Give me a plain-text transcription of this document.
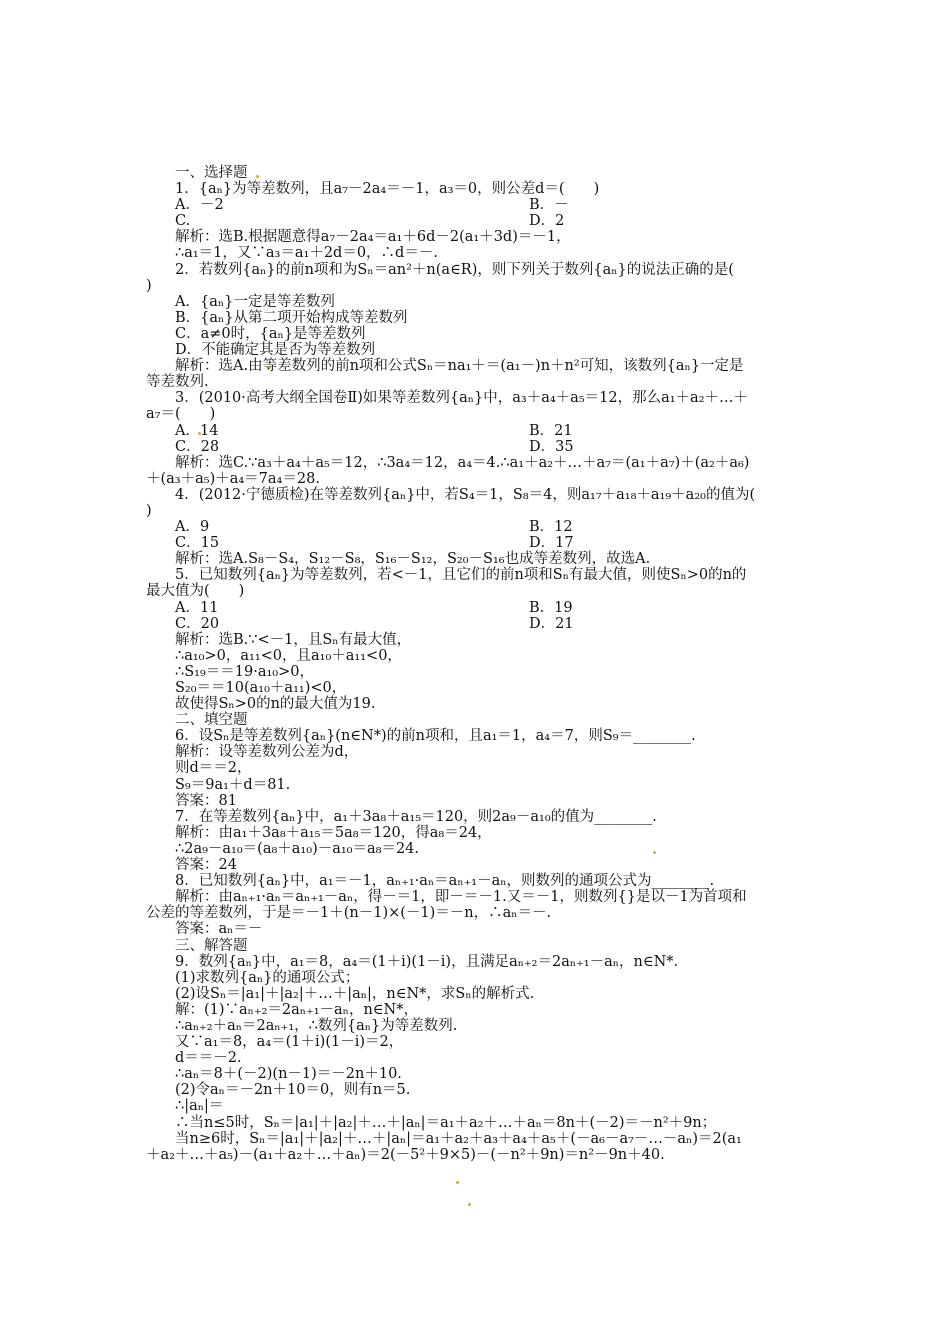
一、选择题
1．{aₙ}为等差数列，且a₇－2a₄＝－1，a₃＝0，则公差d＝(　　)
A．－2	B．－
C.	D．2
解析：选B.根据题意得a₇－2a₄＝a₁＋6d－2(a₁＋3d)＝－1，
∴a₁＝1，又∵a₃＝a₁＋2d＝0，∴d＝－.
2．若数列{aₙ}的前n项和为Sₙ＝an²＋n(a∈R)，则下列关于数列{aₙ}的说法正确的是(
)
A．{aₙ}一定是等差数列
B．{aₙ}从第二项开始构成等差数列
C．a≠0时，{aₙ}是等差数列
D．不能确定其是否为等差数列
解析：选A.由等差数列的前n项和公式Sₙ＝na₁＋＝(a₁－)n＋n²可知，该数列{aₙ}一定是
等差数列.
3．(2010·高考大纲全国卷Ⅱ)如果等差数列{aₙ}中，a₃＋a₄＋a₅＝12，那么a₁＋a₂＋…＋
a₇＝(　　)
A．14	B．21
C．28	D．35
解析：选C.∵a₃＋a₄＋a₅＝12，∴3a₄＝12，a₄＝4.∴a₁＋a₂＋…＋a₇＝(a₁＋a₇)＋(a₂＋a₆)
＋(a₃＋a₅)＋a₄＝7a₄＝28.
4．(2012·宁德质检)在等差数列{aₙ}中，若S₄＝1，S₈＝4，则a₁₇＋a₁₈＋a₁₉＋a₂₀的值为(
)
A．9	B．12
C．15	D．17
解析：选A.S₈－S₄，S₁₂－S₈，S₁₆－S₁₂，S₂₀－S₁₆也成等差数列，故选A.
5．已知数列{aₙ}为等差数列，若<－1，且它们的前n项和Sₙ有最大值，则使Sₙ>0的n的
最大值为(　　)
A．11	B．19
C．20	D．21
解析：选B.∵<－1，且Sₙ有最大值，
∴a₁₀>0，a₁₁<0，且a₁₀＋a₁₁<0，
∴S₁₉＝＝19·a₁₀>0，
S₂₀＝＝10(a₁₀＋a₁₁)<0，
故使得Sₙ>0的n的最大值为19.
二、填空题
6．设Sₙ是等差数列{aₙ}(n∈N*)的前n项和，且a₁＝1，a₄＝7，则S₉＝________.
解析：设等差数列公差为d，
则d＝＝2，
S₉＝9a₁＋d＝81.
答案：81
7．在等差数列{aₙ}中，a₁＋3a₈＋a₁₅＝120，则2a₉－a₁₀的值为________.
解析：由a₁＋3a₈＋a₁₅＝5a₈＝120，得a₈＝24，
∴2a₉－a₁₀＝(a₈＋a₁₀)－a₁₀＝a₈＝24.
答案：24
8．已知数列{aₙ}中，a₁＝－1，aₙ₊₁·aₙ＝aₙ₊₁－aₙ，则数列的通项公式为________.
解析：由aₙ₊₁·aₙ＝aₙ₊₁－aₙ，得－＝1，即－＝－1.又＝－1，则数列{}是以－1为首项和
公差的等差数列，于是＝－1＋(n－1)×(－1)＝－n，∴aₙ＝－.
答案：aₙ＝－
三、解答题
9．数列{aₙ}中，a₁＝8，a₄＝(1＋i)(1－i)，且满足aₙ₊₂＝2aₙ₊₁－aₙ，n∈N*.
(1)求数列{aₙ}的通项公式；
(2)设Sₙ＝|a₁|＋|a₂|＋…＋|aₙ|，n∈N*，求Sₙ的解析式.
解：(1)∵aₙ₊₂＝2aₙ₊₁－aₙ，n∈N*，
∴aₙ₊₂＋aₙ＝2aₙ₊₁，∴数列{aₙ}为等差数列.
又∵a₁＝8，a₄＝(1＋i)(1－i)＝2，
d＝＝－2.
∴aₙ＝8＋(－2)(n－1)＝－2n＋10.
(2)令aₙ＝－2n＋10＝0，则有n＝5.
∴|aₙ|＝
∴当n≤5时，Sₙ＝|a₁|＋|a₂|＋…＋|aₙ|＝a₁＋a₂＋…＋aₙ＝8n＋(－2)＝－n²＋9n；
当n≥6时，Sₙ＝|a₁|＋|a₂|＋…＋|aₙ|＝a₁＋a₂＋a₃＋a₄＋a₅＋(－a₆－a₇－…－aₙ)＝2(a₁
＋a₂＋…＋a₅)－(a₁＋a₂＋…＋aₙ)＝2(－5²＋9×5)－(－n²＋9n)＝n²－9n＋40.
